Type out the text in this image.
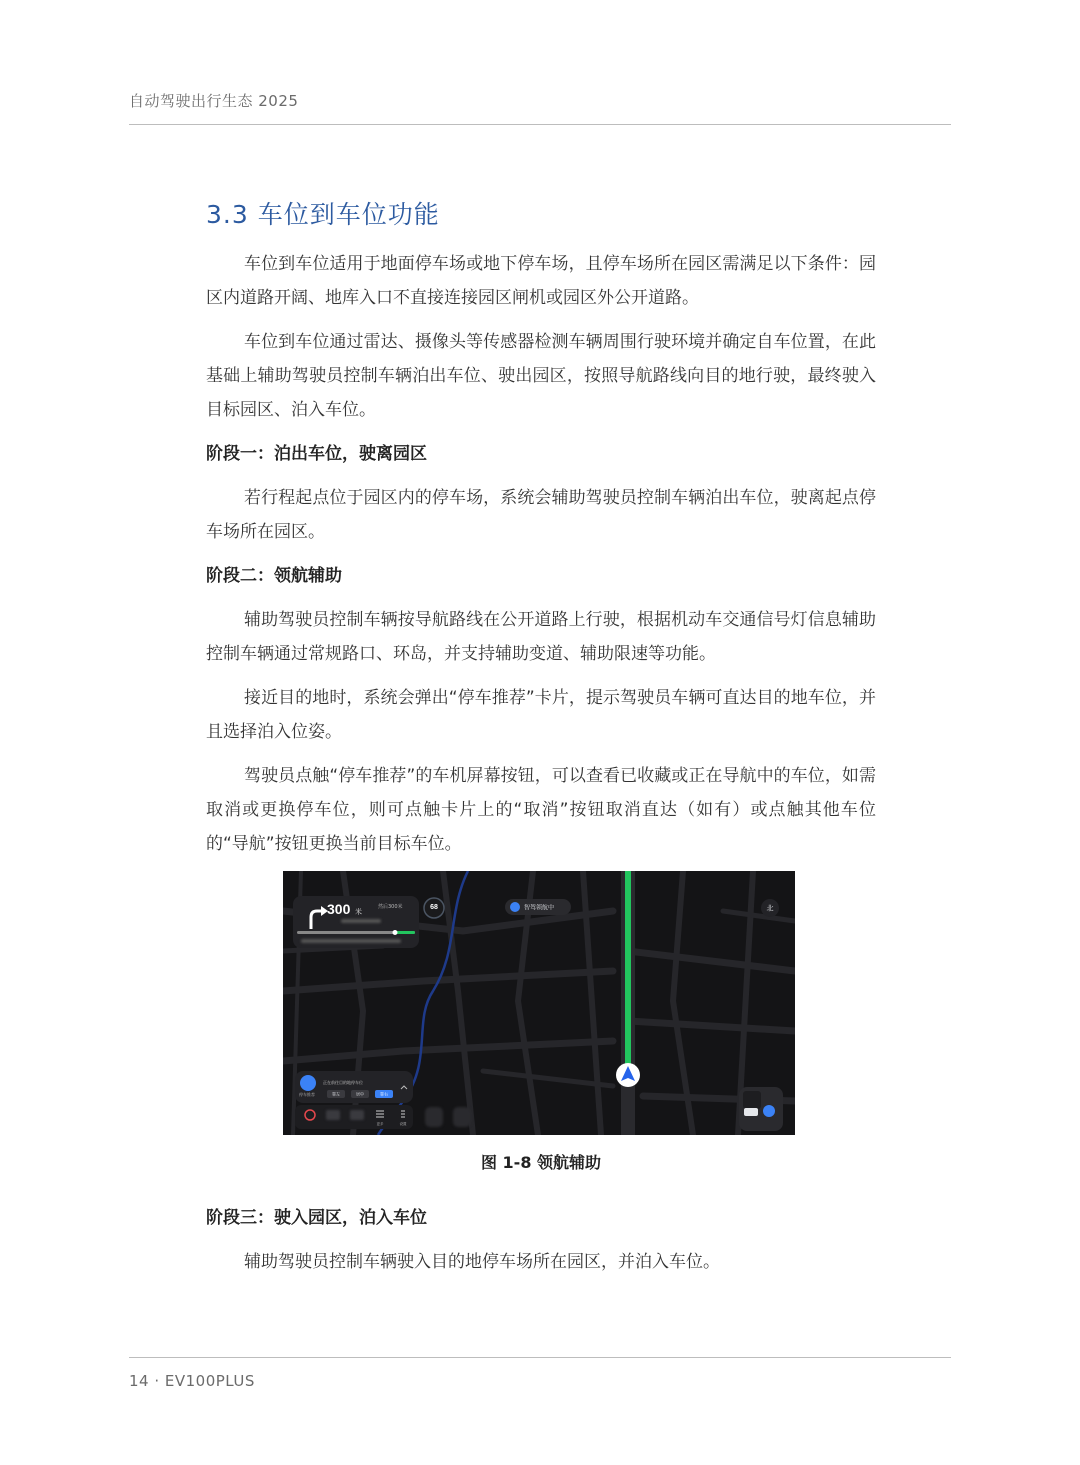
自动驾驶出行生态 2025
3.3 车位到车位功能

车位到车位适用于地面停车场或地下停车场，且停车场所在园区需满足以下条件：园区内道路开阔、地库入口不直接连接园区闸机或园区外公开道路。

车位到车位通过雷达、摄像头等传感器检测车辆周围行驶环境并确定自车位置，在此基础上辅助驾驶员控制车辆泊出车位、驶出园区，按照导航路线向目的地行驶，最终驶入目标园区、泊入车位。

阶段一：泊出车位，驶离园区

若行程起点位于园区内的停车场，系统会辅助驾驶员控制车辆泊出车位，驶离起点停车场所在园区。

阶段二：领航辅助

辅助驾驶员控制车辆按导航路线在公开道路上行驶，根据机动车交通信号灯信息辅助控制车辆通过常规路口、环岛，并支持辅助变道、辅助限速等功能。

接近目的地时，系统会弹出“停车推荐”卡片，提示驾驶员车辆可直达目的地车位，并且选择泊入位姿。

驾驶员点触“停车推荐”的车机屏幕按钮，可以查看已收藏或正在导航中的车位，如需取消或更换停车位，则可点触卡片上的“取消”按钮取消直达（如有）或点触其他车位的“导航”按钮更换当前目标车位。

300 米
然后300米	68	智驾领航中	北
正在前往目的地停车位
停车推荐	靠左	居中	靠右
更多	设置
图 1-8 领航辅助
阶段三：驶入园区，泊入车位

辅助驾驶员控制车辆驶入目的地停车场所在园区，并泊入车位。

14 · EV100PLUS
